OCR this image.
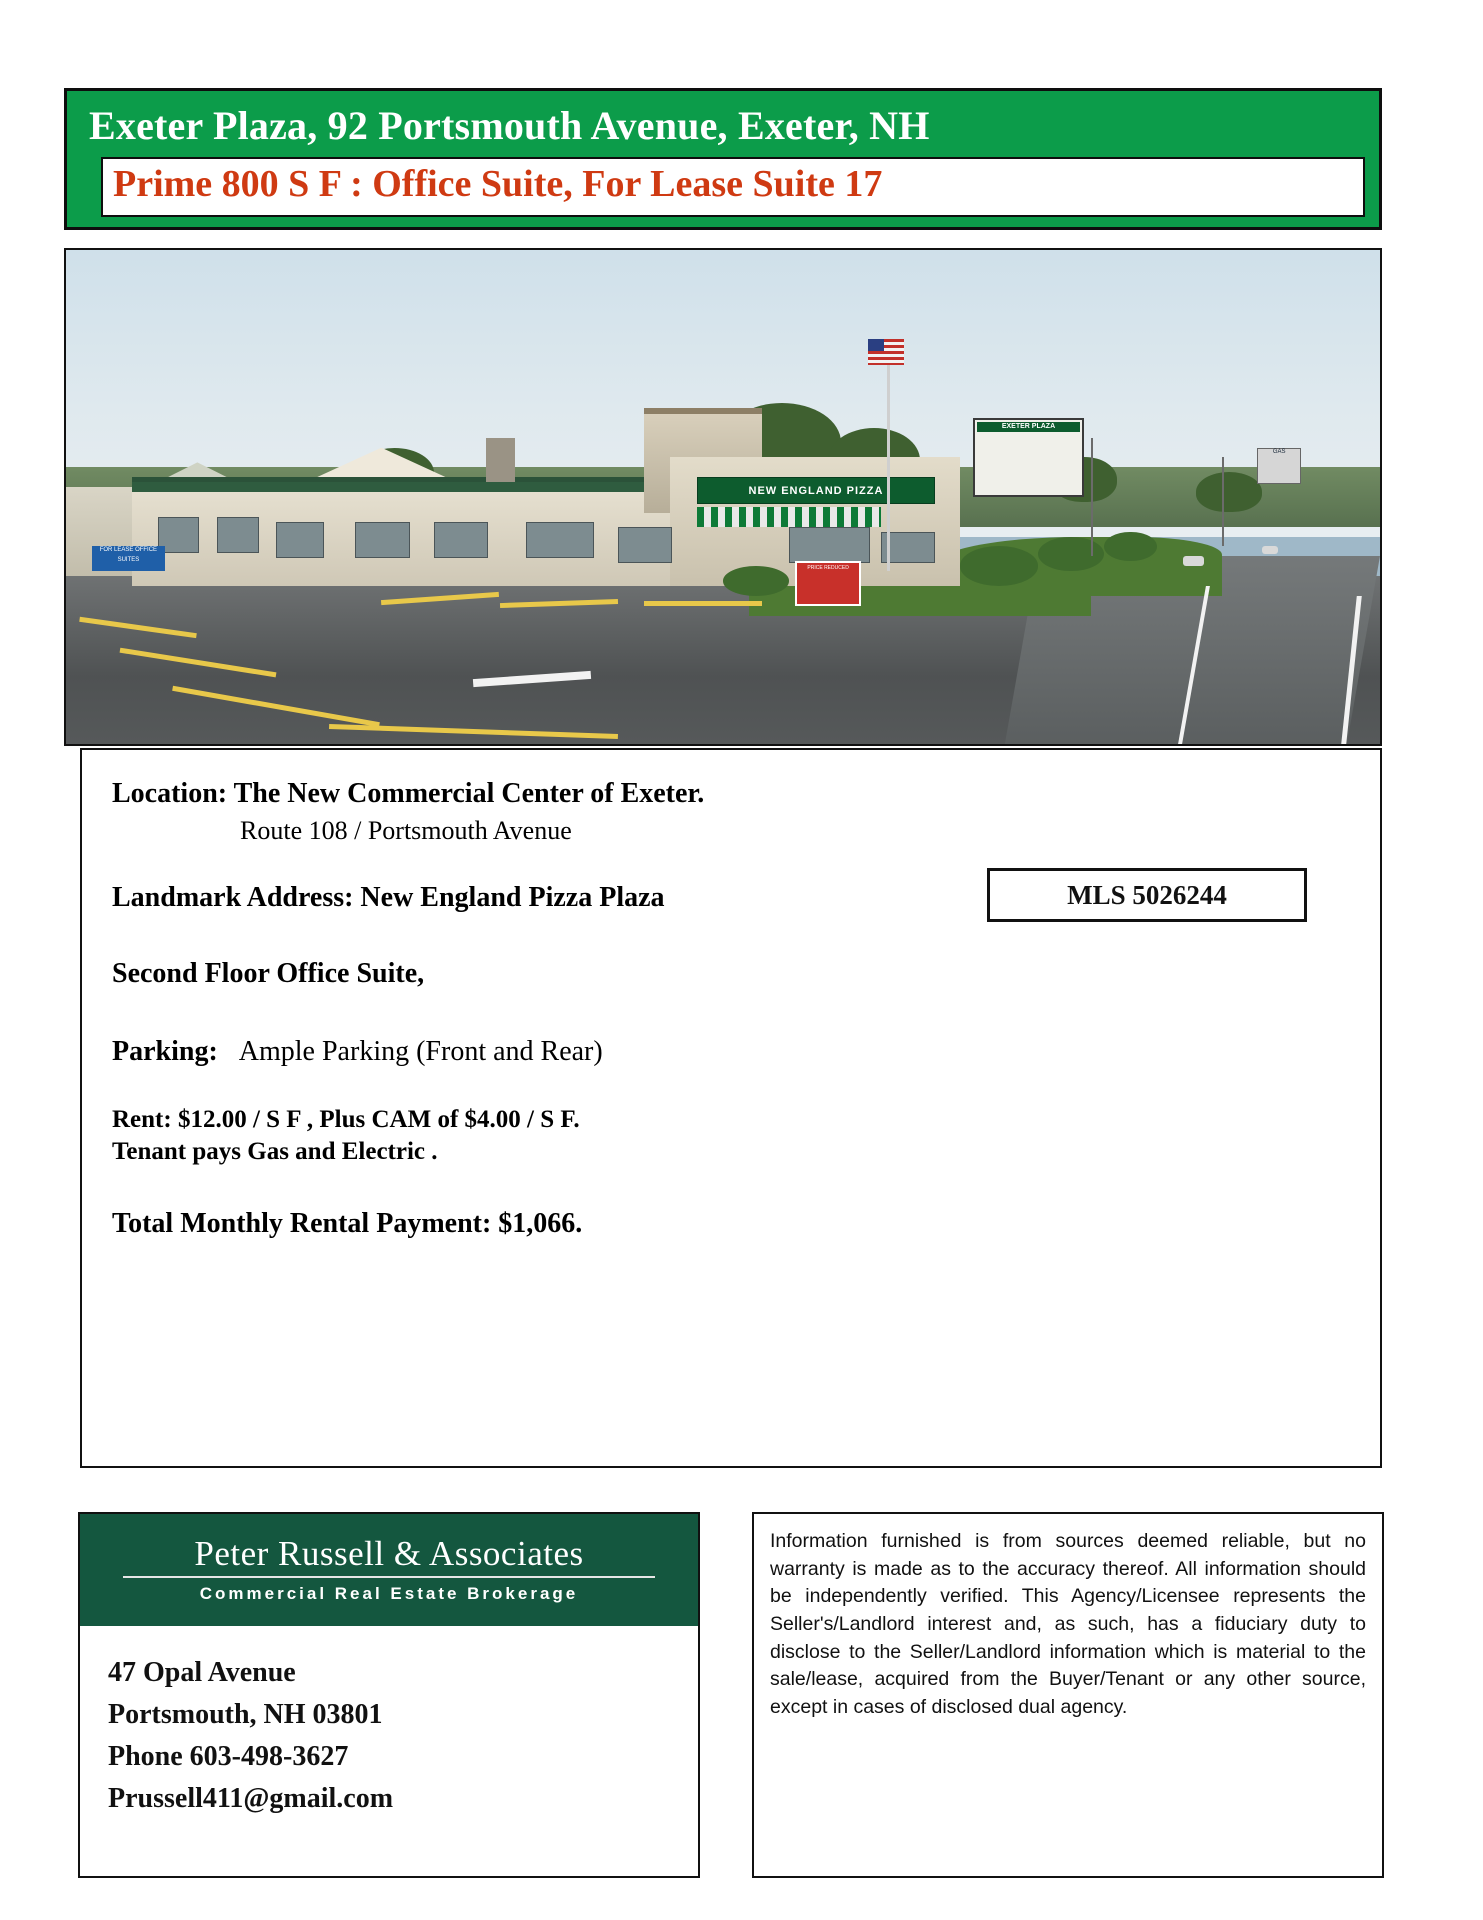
Exeter Plaza, 92 Portsmouth Avenue, Exeter, NH
Prime 800 S F : Office Suite, For Lease Suite 17
NEW ENGLAND PIZZA
FOR LEASE OFFICE SUITES
EXETER PLAZA
PRICE REDUCED
GAS
Location: The New Commercial Center of Exeter.
Route 108 / Portsmouth Avenue
Landmark Address: New England Pizza Plaza
Second Floor Office Suite,
Parking: Ample Parking (Front and Rear)
Rent: $12.00 / S F , Plus CAM of $4.00 / S F.
Tenant pays Gas and Electric .
Total Monthly Rental Payment: $1,066.
MLS 5026244
Peter Russell & Associates
Commercial Real Estate Brokerage
47 Opal Avenue
Portsmouth, NH 03801
Phone 603-498-3627
Prussell411@gmail.com
Information furnished is from sources deemed reliable, but no warranty is made as to the accuracy thereof. All information should be independently verified. This Agency/Licensee represents the Seller's/Landlord interest and, as such, has a fiduciary duty to disclose to the Seller/Landlord information which is material to the sale/lease, acquired from the Buyer/Tenant or any other source, except in cases of disclosed dual agency.
